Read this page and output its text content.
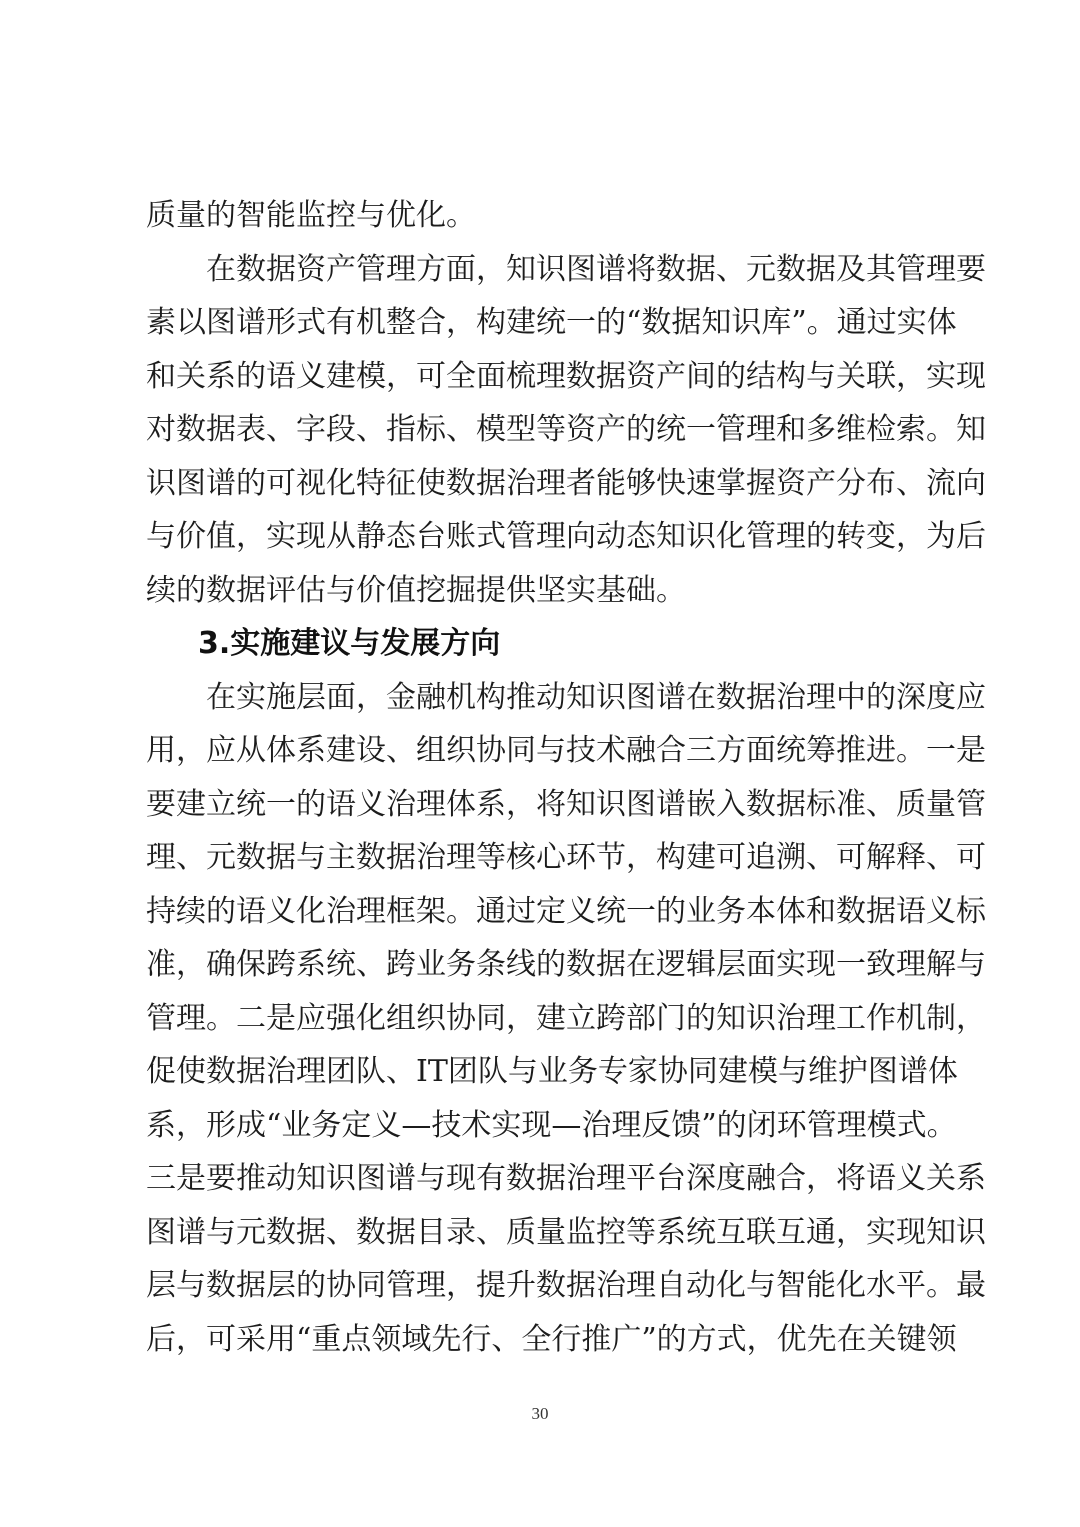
质量的智能监控与优化。
在数据资产管理方面，知识图谱将数据、元数据及其管理要
素以图谱形式有机整合，构建统一的“数据知识库”。通过实体
和关系的语义建模，可全面梳理数据资产间的结构与关联，实现
对数据表、字段、指标、模型等资产的统一管理和多维检索。知
识图谱的可视化特征使数据治理者能够快速掌握资产分布、流向
与价值，实现从静态台账式管理向动态知识化管理的转变，为后
续的数据评估与价值挖掘提供坚实基础。
3.实施建议与发展方向
在实施层面，金融机构推动知识图谱在数据治理中的深度应
用，应从体系建设、组织协同与技术融合三方面统筹推进。一是
要建立统一的语义治理体系，将知识图谱嵌入数据标准、质量管
理、元数据与主数据治理等核心环节，构建可追溯、可解释、可
持续的语义化治理框架。通过定义统一的业务本体和数据语义标
准，确保跨系统、跨业务条线的数据在逻辑层面实现一致理解与
管理。二是应强化组织协同，建立跨部门的知识治理工作机制，
促使数据治理团队、IT团队与业务专家协同建模与维护图谱体
系，形成“业务定义—技术实现—治理反馈”的闭环管理模式。
三是要推动知识图谱与现有数据治理平台深度融合，将语义关系
图谱与元数据、数据目录、质量监控等系统互联互通，实现知识
层与数据层的协同管理，提升数据治理自动化与智能化水平。最
后，可采用“重点领域先行、全行推广”的方式，优先在关键领
30
